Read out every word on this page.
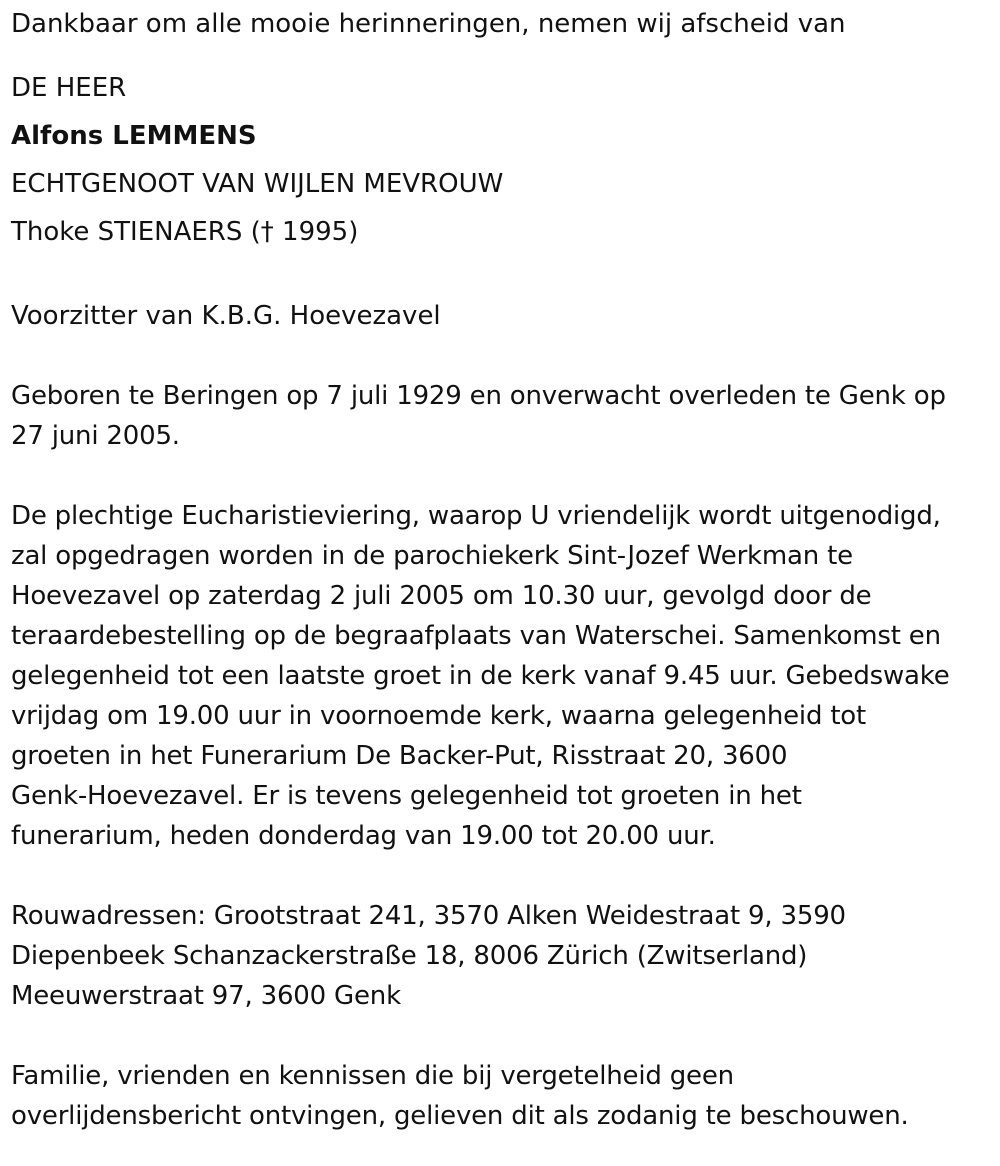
Dankbaar om alle mooie herinneringen, nemen wij afscheid van
DE HEER
Alfons LEMMENS
ECHTGENOOT VAN WIJLEN MEVROUW
Thoke STIENAERS († 1995)
Voorzitter van K.B.G. Hoevezavel
Geboren te Beringen op 7 juli 1929 en onverwacht overleden te Genk op
27 juni 2005.
De plechtige Eucharistieviering, waarop U vriendelijk wordt uitgenodigd,
zal opgedragen worden in de parochiekerk Sint-Jozef Werkman te
Hoevezavel op zaterdag 2 juli 2005 om 10.30 uur, gevolgd door de
teraardebestelling op de begraafplaats van Waterschei. Samenkomst en
gelegenheid tot een laatste groet in de kerk vanaf 9.45 uur. Gebedswake
vrijdag om 19.00 uur in voornoemde kerk, waarna gelegenheid tot
groeten in het Funerarium De Backer-Put, Risstraat 20, 3600
Genk-Hoevezavel. Er is tevens gelegenheid tot groeten in het
funerarium, heden donderdag van 19.00 tot 20.00 uur.
Rouwadressen: Grootstraat 241, 3570 Alken Weidestraat 9, 3590
Diepenbeek Schanzackerstraße 18, 8006 Zürich (Zwitserland)
Meeuwerstraat 97, 3600 Genk
Familie, vrienden en kennissen die bij vergetelheid geen
overlijdensbericht ontvingen, gelieven dit als zodanig te beschouwen.
